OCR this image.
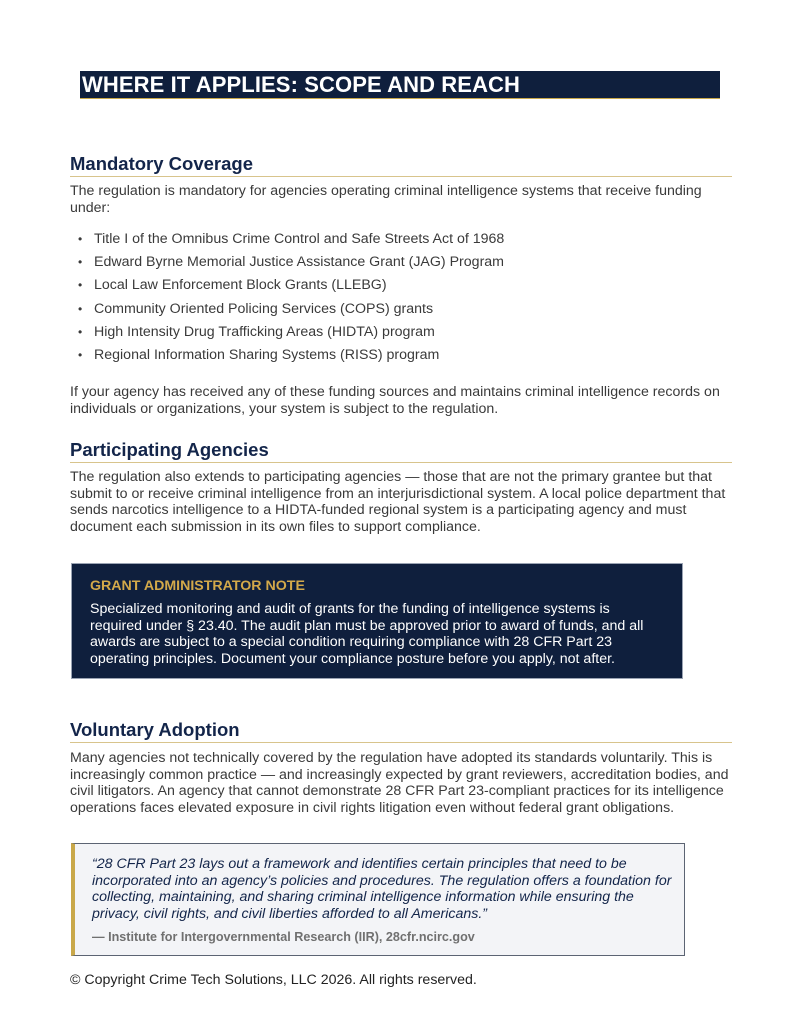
WHERE IT APPLIES: SCOPE AND REACH
Mandatory Coverage

The regulation is mandatory for agencies operating criminal intelligence systems that receive funding under:

• Title I of the Omnibus Crime Control and Safe Streets Act of 1968
• Edward Byrne Memorial Justice Assistance Grant (JAG) Program
• Local Law Enforcement Block Grants (LLEBG)
• Community Oriented Policing Services (COPS) grants
• High Intensity Drug Trafficking Areas (HIDTA) program
• Regional Information Sharing Systems (RISS) program

If your agency has received any of these funding sources and maintains criminal intelligence records on individuals or organizations, your system is subject to the regulation.

Participating Agencies

The regulation also extends to participating agencies — those that are not the primary grantee but that submit to or receive criminal intelligence from an interjurisdictional system. A local police department that sends narcotics intelligence to a HIDTA-funded regional system is a participating agency and must document each submission in its own files to support compliance.

GRANT ADMINISTRATOR NOTE

Specialized monitoring and audit of grants for the funding of intelligence systems is required under § 23.40. The audit plan must be approved prior to award of funds, and all awards are subject to a special condition requiring compliance with 28 CFR Part 23 operating principles. Document your compliance posture before you apply, not after.

Voluntary Adoption

Many agencies not technically covered by the regulation have adopted its standards voluntarily. This is increasingly common practice — and increasingly expected by grant reviewers, accreditation bodies, and civil litigators. An agency that cannot demonstrate 28 CFR Part 23-compliant practices for its intelligence operations faces elevated exposure in civil rights litigation even without federal grant obligations.

“28 CFR Part 23 lays out a framework and identifies certain principles that need to be incorporated into an agency’s policies and procedures. The regulation offers a foundation for collecting, maintaining, and sharing criminal intelligence information while ensuring the privacy, civil rights, and civil liberties afforded to all Americans.”

— Institute for Intergovernmental Research (IIR), 28cfr.ncirc.gov

© Copyright Crime Tech Solutions, LLC 2026. All rights reserved.
